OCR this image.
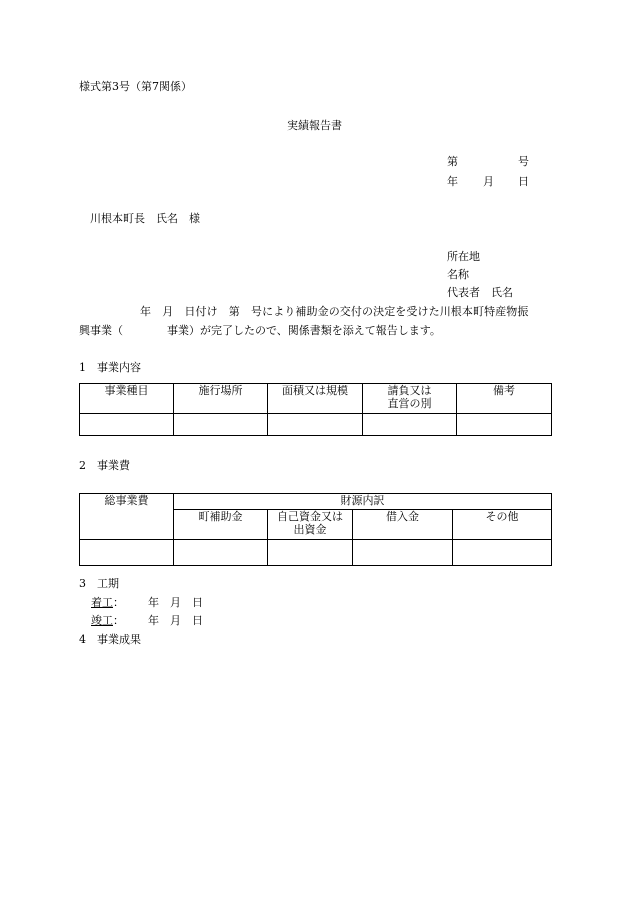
様式第3号（第7関係）
実績報告書
第	号
年 月 日
川根本町長　氏名　様
所在地
名称
代表者　氏名
年　月　日付け　第　号により補助金の交付の決定を受けた川根本町特産物振
興事業（　　　　事業）が完了したので、関係書類を添えて報告します。
1　事業内容
事業種目	施行場所	面積又は規模	請負又は
直営の別	備考

2　事業費
総事業費	財源内訳			

	町補助金	自己資金又は
出資金	借入金	その他

3　工期
着工： 年　月　日
竣工： 年　月　日
4　事業成果
